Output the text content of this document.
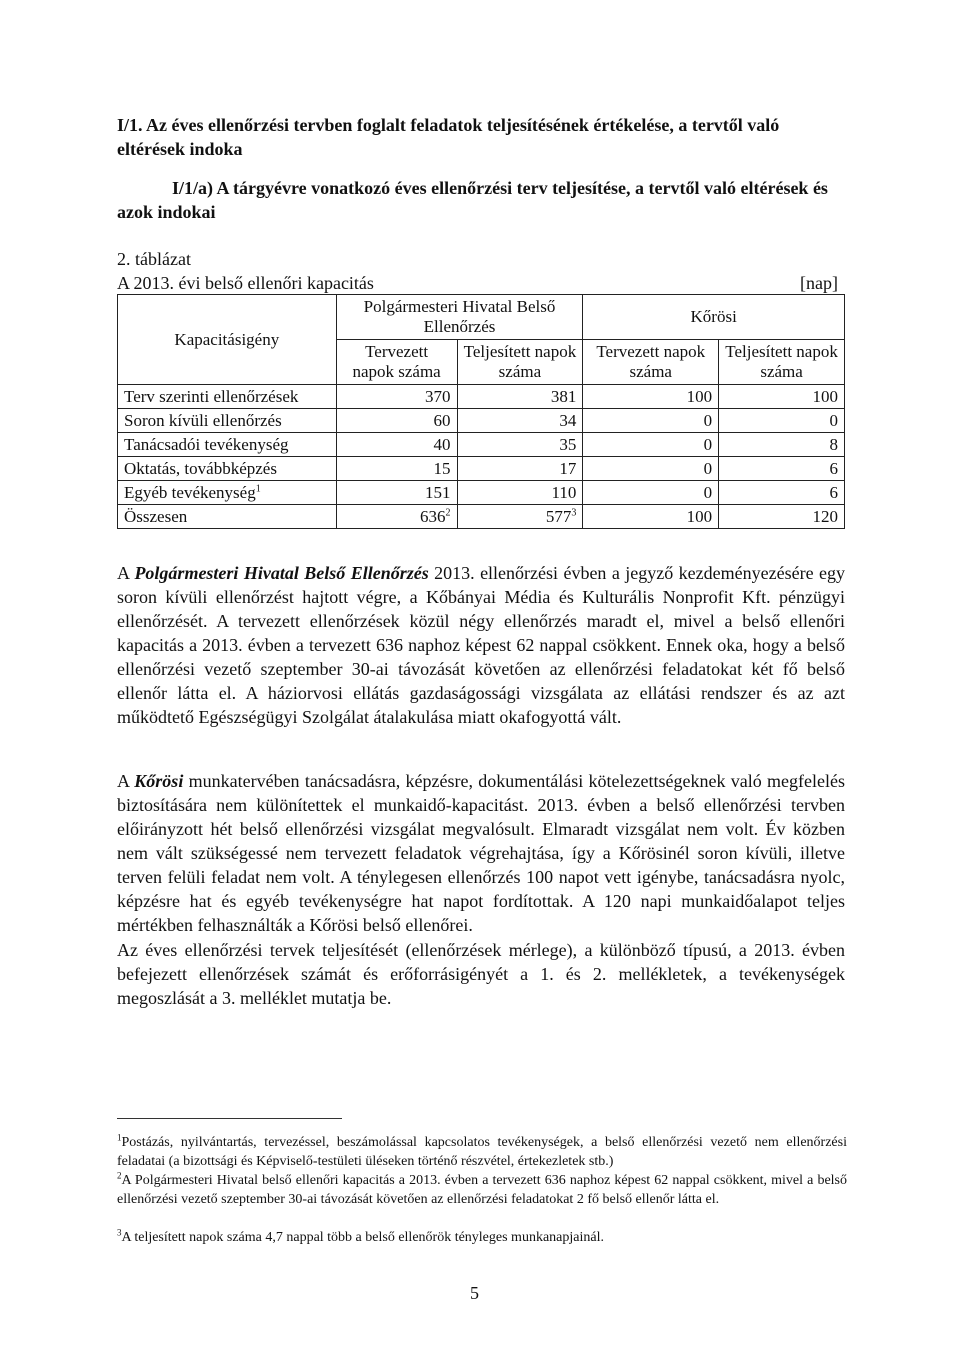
I/1. Az éves ellenőrzési tervben foglalt feladatok teljesítésének értékelése, a tervtől való eltérések indoka
I/1/a) A tárgyévre vonatkozó éves ellenőrzési terv teljesítése, a tervtől való eltérések és azok indokai
2. táblázat
A 2013. évi belső ellenőri kapacitás	[nap]
Kapacitásigény	Polgármesteri Hivatal Belső Ellenőrzés		Kőrösi	
	Tervezett napok száma	Teljesített napok száma	Tervezett napok száma	Teljesített napok száma
Terv szerinti ellenőrzések	370	381	100	100
Soron kívüli ellenőrzés	60	34	0	0
Tanácsadói tevékenység	40	35	0	8
Oktatás, továbbképzés	15	17	0	6
Egyéb tevékenység$^1$	151	110	0	6
Összesen	$636^2$	$577^3$	100	120
A Polgármesteri Hivatal Belső Ellenőrzés 2013. ellenőrzési évben a jegyző kezdeményezésére egy soron kívüli ellenőrzést hajtott végre, a Kőbányai Média és Kulturális Nonprofit Kft. pénzügyi ellenőrzését. A tervezett ellenőrzések közül négy ellenőrzés maradt el, mivel a belső ellenőri kapacitás a 2013. évben a tervezett 636 naphoz képest 62 nappal csökkent. Ennek oka, hogy a belső ellenőrzési vezető szeptember 30-ai távozását követően az ellenőrzési feladatokat két fő belső ellenőr látta el. A háziorvosi ellátás gazdaságossági vizsgálata az ellátási rendszer és az azt működtető Egészségügyi Szolgálat átalakulása miatt okafogyottá vált.
A Kőrösi munkatervében tanácsadásra, képzésre, dokumentálási kötelezettségeknek való megfelelés biztosítására nem különítettek el munkaidő-kapacitást. 2013. évben a belső ellenőrzési tervben előirányzott hét belső ellenőrzési vizsgálat megvalósult. Elmaradt vizsgálat nem volt. Év közben nem vált szükségessé nem tervezett feladatok végrehajtása, így a Kőrösinél soron kívüli, illetve terven felüli feladat nem volt. A ténylegesen ellenőrzés 100 napot vett igénybe, tanácsadásra nyolc, képzésre hat és egyéb tevékenységre hat napot fordítottak. A 120 napi munkaidőalapot teljes mértékben felhasználták a Kőrösi belső ellenőrei.
Az éves ellenőrzési tervek teljesítését (ellenőrzések mérlege), a különböző típusú, a 2013. évben befejezett ellenőrzések számát és erőforrásigényét a 1. és 2. mellékletek, a tevékenységek megoszlását a 3. melléklet mutatja be.
$^1$Postázás, nyilvántartás, tervezéssel, beszámolással kapcsolatos tevékenységek, a belső ellenőrzési vezető nem ellenőrzési feladatai (a bizottsági és Képviselő-testületi üléseken történő részvétel, értekezletek stb.)
$^2$A Polgármesteri Hivatal belső ellenőri kapacitás a 2013. évben a tervezett 636 naphoz képest 62 nappal csökkent, mivel a belső ellenőrzési vezető szeptember 30-ai távozását követően az ellenőrzési feladatokat 2 fő belső ellenőr látta el.
$^3$A teljesített napok száma 4,7 nappal több a belső ellenőrök tényleges munkanapjainál.
5
